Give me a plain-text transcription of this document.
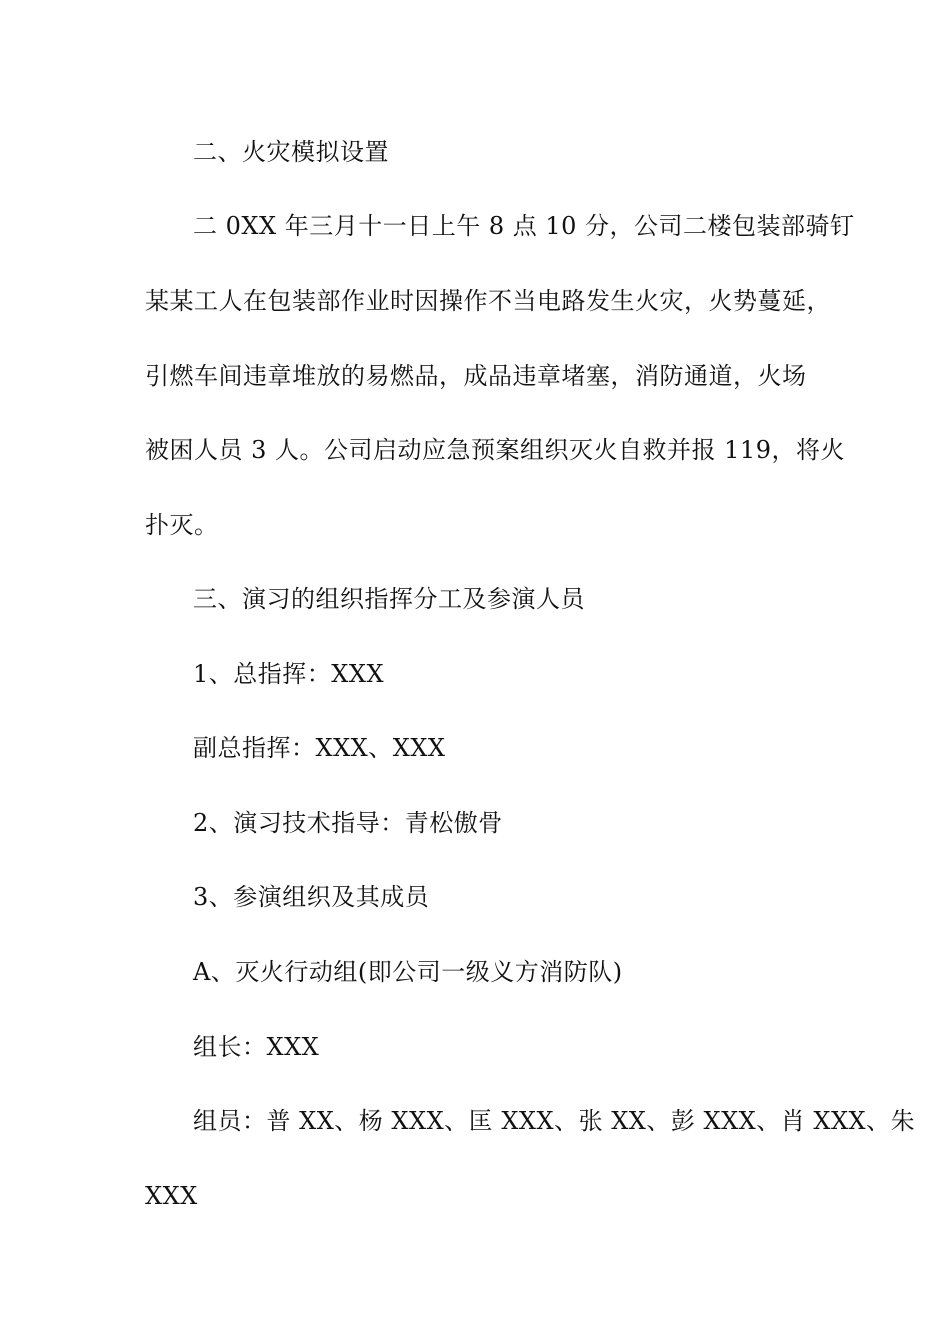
二、火灾模拟设置
二 0XX 年三月十一日上午 8 点 10 分，公司二楼包装部骑钉
某某工人在包装部作业时因操作不当电路发生火灾，火势蔓延，
引燃车间违章堆放的易燃品，成品违章堵塞，消防通道，火场
被困人员 3 人。公司启动应急预案组织灭火自救并报 119，将火
扑灭。
三、演习的组织指挥分工及参演人员
1、总指挥：XXX
副总指挥：XXX、XXX
2、演习技术指导：青松傲骨
3、参演组织及其成员
A、灭火行动组(即公司一级义方消防队)
组长：XXX
组员：普 XX、杨 XXX、匡 XXX、张 XX、彭 XXX、肖 XXX、朱
XXX
